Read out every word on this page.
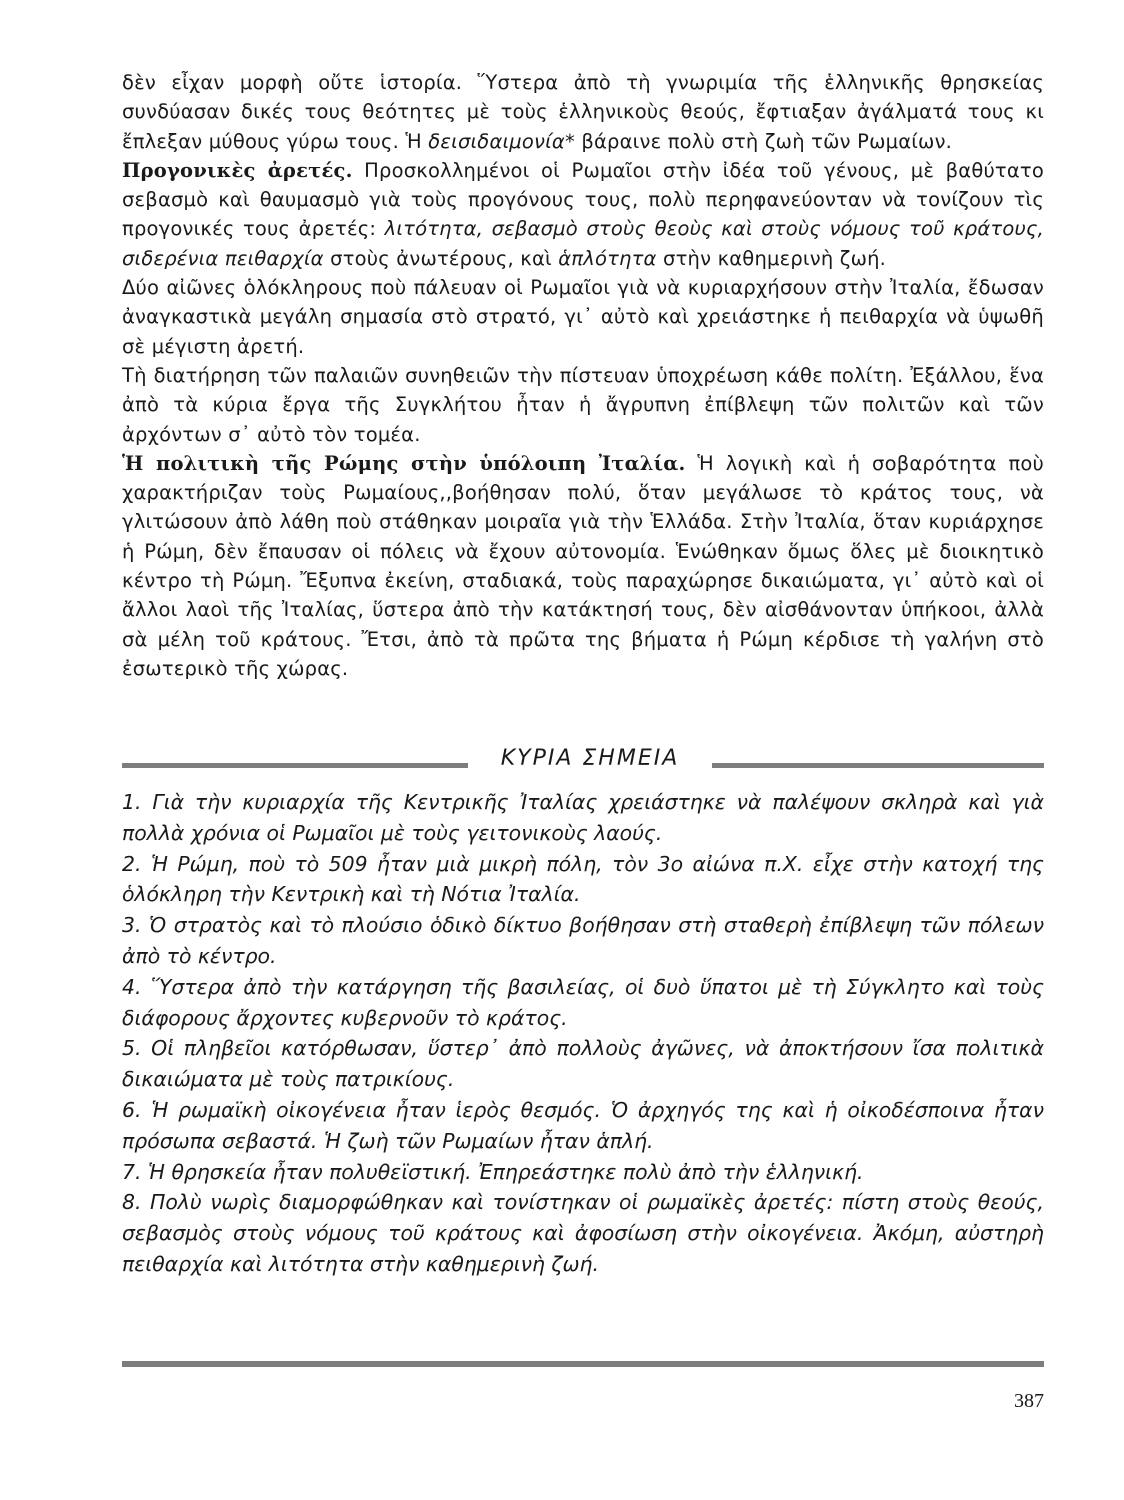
δὲν εἶχαν μορφὴ οὔτε ἱστορία. Ὕστερα ἀπὸ τὴ γνωριμία τῆς ἑλληνικῆς θρησκείας συνδύασαν δικές τους θεότητες μὲ τοὺς ἑλληνικοὺς θεούς, ἔφτιαξαν ἀγάλματά τους κι ἔπλεξαν μύθους γύρω τους. Ἡ δεισιδαιμονία* βάραινε πολὺ στὴ ζωὴ τῶν Ρωμαίων.

Προγονικὲς ἀρετές. Προσκολλημένοι οἱ Ρωμαῖοι στὴν ἰδέα τοῦ γένους, μὲ βαθύτατο σεβασμὸ καὶ θαυμασμὸ γιὰ τοὺς προγόνους τους, πολὺ περηφανεύονταν νὰ τονίζουν τὶς προγονικές τους ἀρετές: λιτότητα, σεβασμὸ στοὺς θεοὺς καὶ στοὺς νόμους τοῦ κράτους, σιδερένια πειθαρχία στοὺς ἀνωτέρους, καὶ ἁπλότητα στὴν καθημερινὴ ζωή.

Δύο αἰῶνες ὁλόκληρους ποὺ πάλευαν οἱ Ρωμαῖοι γιὰ νὰ κυριαρχήσουν στὴν Ἰταλία, ἔδωσαν ἀναγκαστικὰ μεγάλη σημασία στὸ στρατό, γι᾿ αὐτὸ καὶ χρειάστηκε ἡ πειθαρχία νὰ ὑψωθῆ σὲ μέγιστη ἀρετή.

Τὴ διατήρηση τῶν παλαιῶν συνηθειῶν τὴν πίστευαν ὑποχρέωση κάθε πολίτη. Ἐξάλλου, ἕνα ἀπὸ τὰ κύρια ἔργα τῆς Συγκλήτου ἦταν ἡ ἄγρυπνη ἐπίβλεψη τῶν πολιτῶν καὶ τῶν ἀρχόντων σ᾿ αὐτὸ τὸν τομέα.

Ἡ πολιτικὴ τῆς Ρώμης στὴν ὑπόλοιπη Ἰταλία. Ἡ λογικὴ καὶ ἡ σοβαρότητα ποὺ χαρακτήριζαν τοὺς Ρωμαίους,,βοήθησαν πολύ, ὅταν μεγάλωσε τὸ κράτος τους, νὰ γλιτώσουν ἀπὸ λάθη ποὺ στάθηκαν μοιραῖα γιὰ τὴν Ἑλλάδα. Στὴν Ἰταλία, ὅταν κυριάρχησε ἡ Ρώμη, δὲν ἔπαυσαν οἱ πόλεις νὰ ἔχουν αὐτονομία. Ἑνώθηκαν ὅμως ὅλες μὲ διοικητικὸ κέντρο τὴ Ρώμη. Ἔξυπνα ἐκείνη, σταδιακά, τοὺς παραχώρησε δικαιώματα, γι᾿ αὐτὸ καὶ οἱ ἄλλοι λαοὶ τῆς Ἰταλίας, ὕστερα ἀπὸ τὴν κατάκτησή τους, δὲν αἰσθάνονταν ὑπήκοοι, ἀλλὰ σὰ μέλη τοῦ κράτους. Ἔτσι, ἀπὸ τὰ πρῶτα της βήματα ἡ Ρώμη κέρδισε τὴ γαλήνη στὸ ἐσωτερικὸ τῆς χώρας.

ΚΥΡΙΑ ΣΗΜΕΙΑ

1. Γιὰ τὴν κυριαρχία τῆς Κεντρικῆς Ἰταλίας χρειάστηκε νὰ παλέψουν σκληρὰ καὶ γιὰ πολλὰ χρόνια οἱ Ρωμαῖοι μὲ τοὺς γειτονικοὺς λαούς.

2. Ἡ Ρώμη, ποὺ τὸ 509 ἦταν μιὰ μικρὴ πόλη, τὸν 3ο αἰώνα π.Χ. εἶχε στὴν κατοχή της ὁλόκληρη τὴν Κεντρικὴ καὶ τὴ Νότια Ἰταλία.

3. Ὁ στρατὸς καὶ τὸ πλούσιο ὁδικὸ δίκτυο βοήθησαν στὴ σταθερὴ ἐπίβλεψη τῶν πόλεων ἀπὸ τὸ κέντρο.

4. Ὕστερα ἀπὸ τὴν κατάργηση τῆς βασιλείας, οἱ δυὸ ὕπατοι μὲ τὴ Σύγκλητο καὶ τοὺς διάφορους ἄρχοντες κυβερνοῦν τὸ κράτος.

5. Οἱ πληβεῖοι κατόρθωσαν, ὕστερ᾿ ἀπὸ πολλοὺς ἀγῶνες, νὰ ἀποκτήσουν ἴσα πολιτικὰ δικαιώματα μὲ τοὺς πατρικίους.

6. Ἡ ρωμαϊκὴ οἰκογένεια ἦταν ἱερὸς θεσμός. Ὁ ἀρχηγός της καὶ ἡ οἰκοδέσποινα ἦταν πρόσωπα σεβαστά. Ἡ ζωὴ τῶν Ρωμαίων ἦταν ἁπλή.

7. Ἡ θρησκεία ἦταν πολυθεϊστική. Ἐπηρεάστηκε πολὺ ἀπὸ τὴν ἑλληνική.

8. Πολὺ νωρὶς διαμορφώθηκαν καὶ τονίστηκαν οἱ ρωμαϊκὲς ἀρετές: πίστη στοὺς θεούς, σεβασμὸς στοὺς νόμους τοῦ κράτους καὶ ἀφοσίωση στὴν οἰκογένεια. Ἀκόμη, αὐστηρὴ πειθαρχία καὶ λιτότητα στὴν καθημερινὴ ζωή.

387
